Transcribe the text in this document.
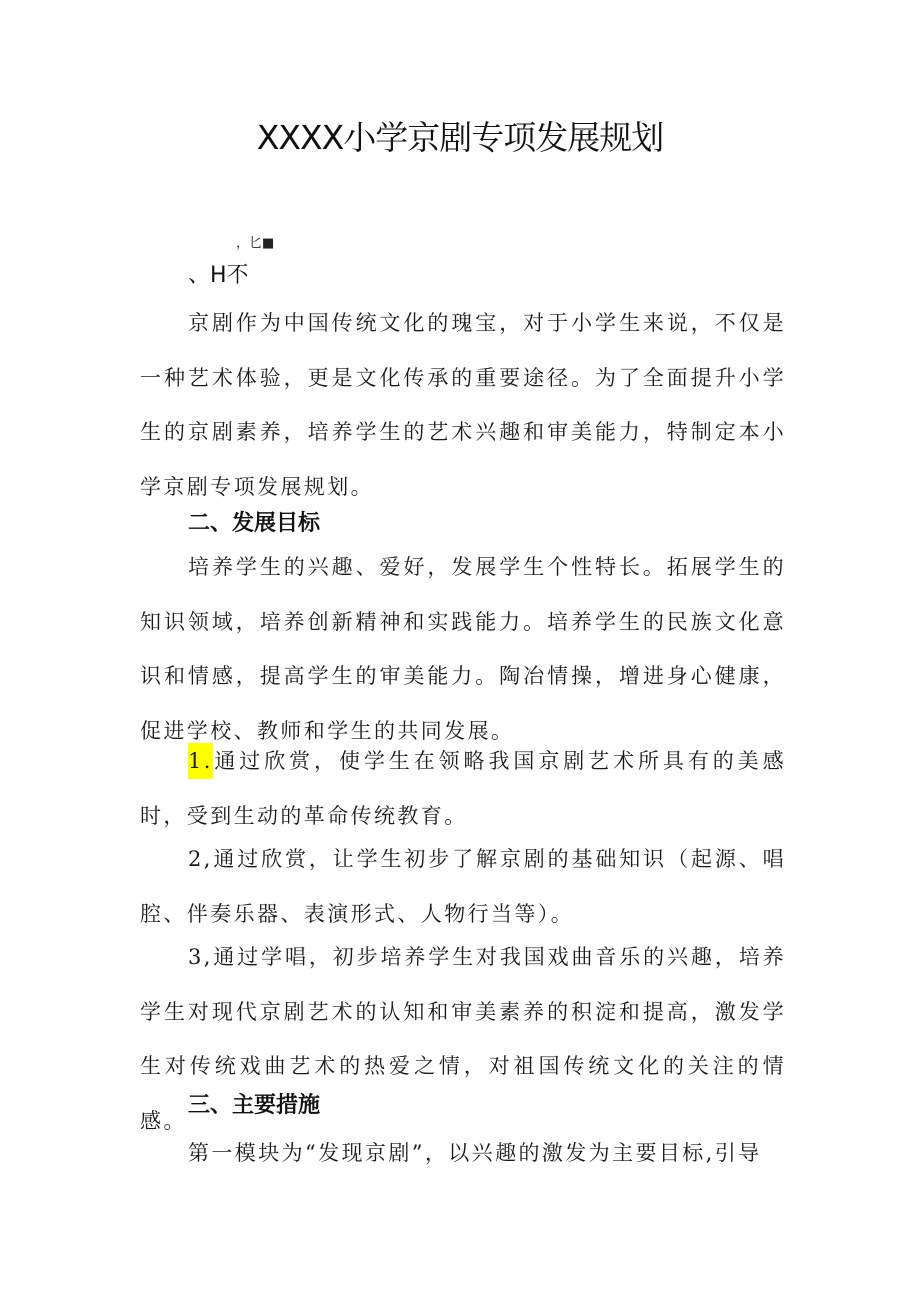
XXXX小学京剧专项发展规划
，匕■
、H不

京剧作为中国传统文化的瑰宝，对于小学生来说，不仅是一种艺术体验，更是文化传承的重要途径。为了全面提升小学生的京剧素养，培养学生的艺术兴趣和审美能力，特制定本小学京剧专项发展规划。

二、发展目标

培养学生的兴趣、爱好，发展学生个性特长。拓展学生的知识领域，培养创新精神和实践能力。培养学生的民族文化意识和情感，提高学生的审美能力。陶冶情操，增进身心健康，促进学校、教师和学生的共同发展。

1.通过欣赏，使学生在领略我国京剧艺术所具有的美感时，受到生动的革命传统教育。

2,通过欣赏，让学生初步了解京剧的基础知识（起源、唱腔、伴奏乐器、表演形式、人物行当等）。

3,通过学唱，初步培养学生对我国戏曲音乐的兴趣，培养学生对现代京剧艺术的认知和审美素养的积淀和提高，激发学生对传统戏曲艺术的热爱之情，对祖国传统文化的关注的情感。

三、主要措施

第一模块为“发现京剧”，以兴趣的激发为主要目标,引导
